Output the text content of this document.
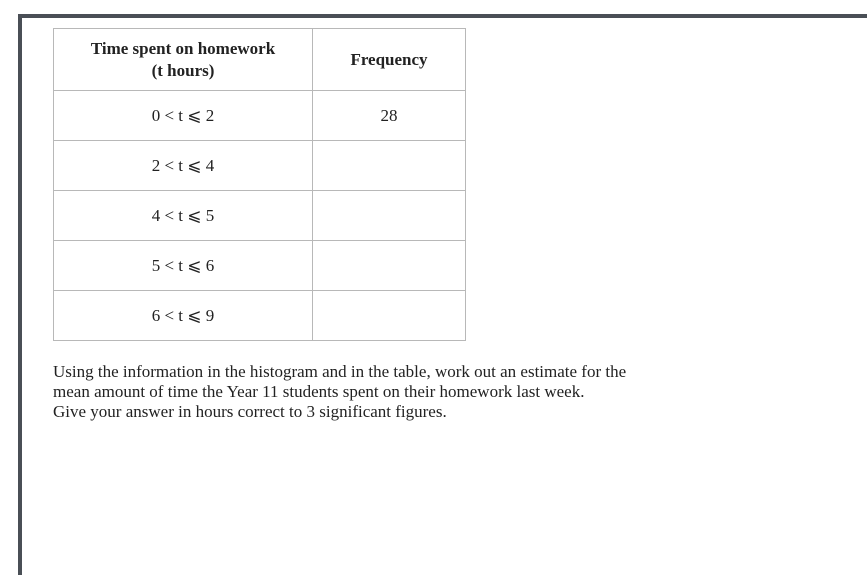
Time spent on homework
(t hours)	Frequency
0 < t ⩽ 2	28
2 < t ⩽ 4	
4 < t ⩽ 5	
5 < t ⩽ 6	
6 < t ⩽ 9	

Using the information in the histogram and in the table, work out an estimate for the

mean amount of time the Year 11 students spent on their homework last week.

Give your answer in hours correct to 3 significant figures.
